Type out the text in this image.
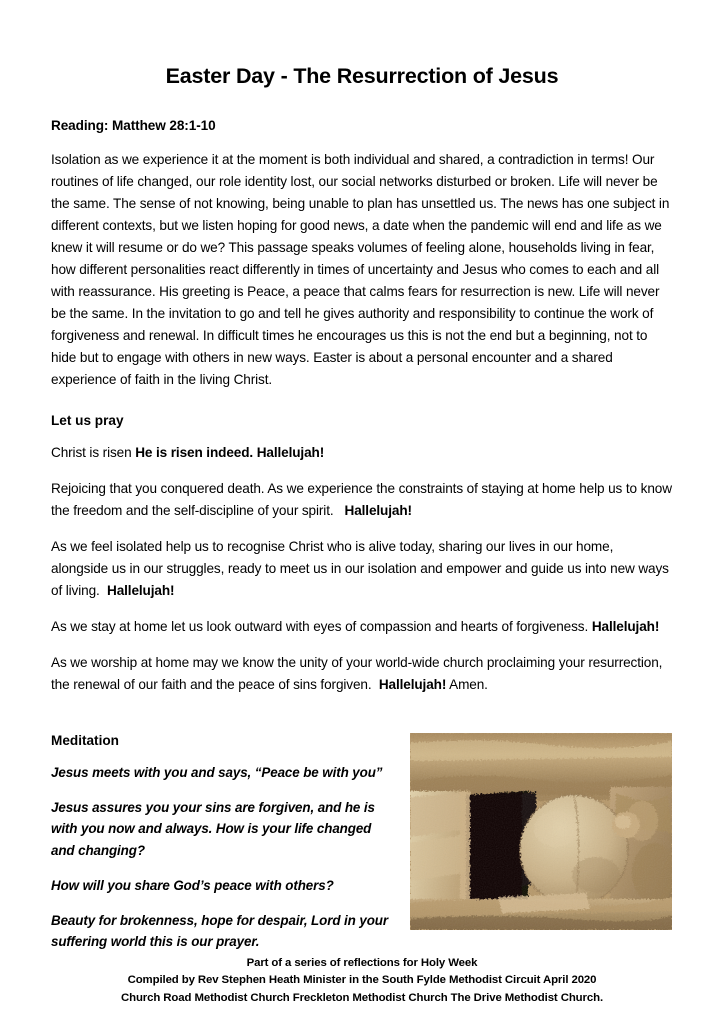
Easter Day - The Resurrection of Jesus
Reading: Matthew 28:1-10

Isolation as we experience it at the moment is both individual and shared, a contradiction in terms! Our routines of life changed, our role identity lost, our social networks disturbed or broken. Life will never be the same. The sense of not knowing, being unable to plan has unsettled us. The news has one subject in different contexts, but we listen hoping for good news, a date when the pandemic will end and life as we knew it will resume or do we? This passage speaks volumes of feeling alone, households living in fear, how different personalities react differently in times of uncertainty and Jesus who comes to each and all with reassurance. His greeting is Peace, a peace that calms fears for resurrection is new. Life will never be the same. In the invitation to go and tell he gives authority and responsibility to continue the work of forgiveness and renewal. In difficult times he encourages us this is not the end but a beginning, not to hide but to engage with others in new ways. Easter is about a personal encounter and a shared experience of faith in the living Christ.

Let us pray

Christ is risen He is risen indeed. Hallelujah!

Rejoicing that you conquered death. As we experience the constraints of staying at home help us to know the freedom and the self-discipline of your spirit. Hallelujah!

As we feel isolated help us to recognise Christ who is alive today, sharing our lives in our home, alongside us in our struggles, ready to meet us in our isolation and empower and guide us into new ways of living. Hallelujah!

As we stay at home let us look outward with eyes of compassion and hearts of forgiveness. Hallelujah!

As we worship at home may we know the unity of your world-wide church proclaiming your resurrection, the renewal of our faith and the peace of sins forgiven. Hallelujah! Amen.

Meditation

Jesus meets with you and says, “Peace be with you”

Jesus assures you your sins are forgiven, and he is with you now and always. How is your life changed and changing?

How will you share God’s peace with others?

Beauty for brokenness, hope for despair, Lord in your suffering world this is our prayer.

Part of a series of reflections for Holy Week
Compiled by Rev Stephen Heath Minister in the South Fylde Methodist Circuit April 2020
Church Road Methodist Church Freckleton Methodist Church The Drive Methodist Church.
